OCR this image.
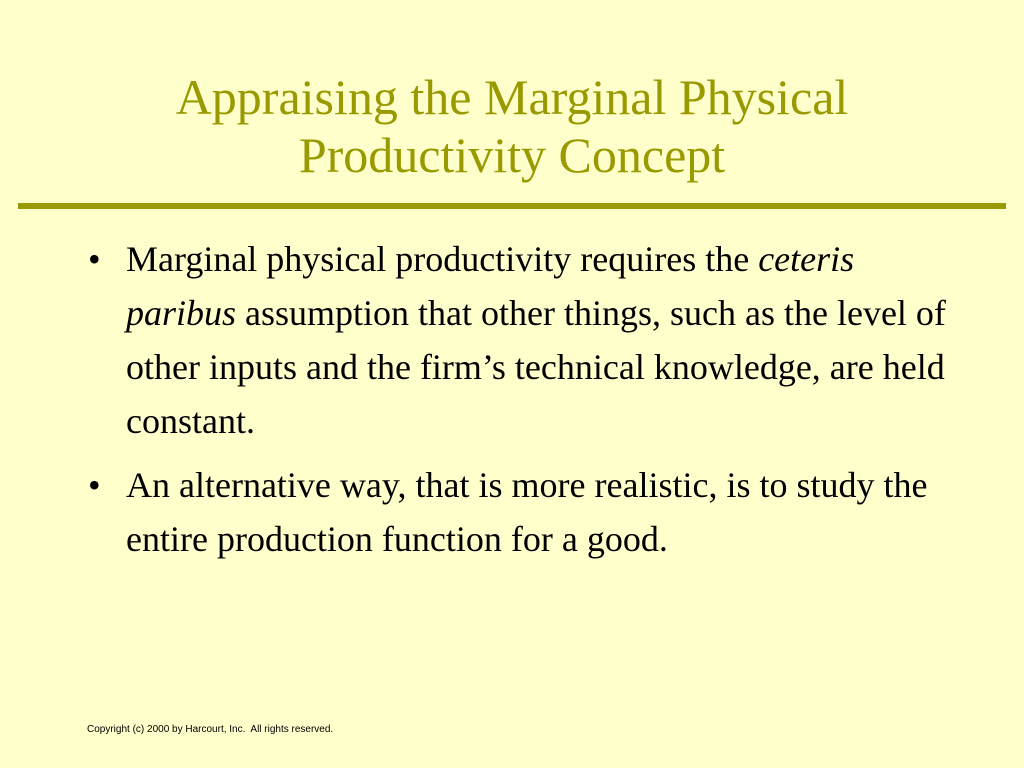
Appraising the Marginal Physical
Productivity Concept
• Marginal physical productivity requires the ceteris paribus assumption that other things, such as the level of other inputs and the firm’s technical knowledge, are held constant.
• An alternative way, that is more realistic, is to study the entire production function for a good.
Copyright (c) 2000 by Harcourt, Inc.  All rights reserved.
